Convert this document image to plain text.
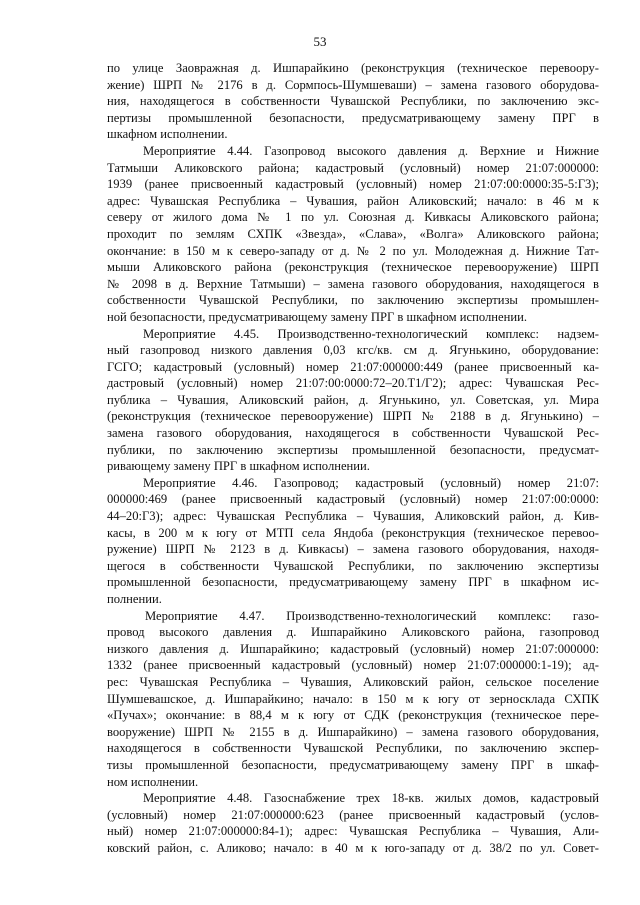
53
по улице Заовражная д. Ишпарайкино (реконструкция (техническое перевоору-
жение) ШРП № 2176 в д. Сормпось-Шумшеваши) – замена газового оборудова-
ния, находящегося в собственности Чувашской Республики, по заключению экс-
пертизы промышленной безопасности, предусматривающему замену ПРГ в
шкафном исполнении.
Мероприятие 4.44. Газопровод высокого давления д. Верхние и Нижние
Татмыши Аликовского района; кадастровый (условный) номер 21:07:000000:
1939 (ранее присвоенный кадастровый (условный) номер 21:07:00:0000:35-5:Г3);
адрес: Чувашская Республика – Чувашия, район Аликовский; начало: в 46 м к
северу от жилого дома № 1 по ул. Союзная д. Кивкасы Аликовского района;
проходит по землям СХПК «Звезда», «Слава», «Волга» Аликовского района;
окончание: в 150 м к северо-западу от д. № 2 по ул. Молодежная д. Нижние Тат-
мыши Аликовского района (реконструкция (техническое перевооружение) ШРП
№ 2098 в д. Верхние Татмыши) – замена газового оборудования, находящегося в
собственности Чувашской Республики, по заключению экспертизы промышлен-
ной безопасности, предусматривающему замену ПРГ в шкафном исполнении.
Мероприятие 4.45. Производственно-технологический комплекс: надзем-
ный газопровод низкого давления 0,03 кгс/кв. см д. Ягунькино, оборудование:
ГСГО; кадастровый (условный) номер 21:07:000000:449 (ранее присвоенный ка-
дастровый (условный) номер 21:07:00:0000:72–20.Т1/Г2); адрес: Чувашская Рес-
публика – Чувашия, Аликовский район, д. Ягунькино, ул. Советская, ул. Мира
(реконструкция (техническое перевооружение) ШРП № 2188 в д. Ягунькино) –
замена газового оборудования, находящегося в собственности Чувашской Рес-
публики, по заключению экспертизы промышленной безопасности, предусмат-
ривающему замену ПРГ в шкафном исполнении.
Мероприятие 4.46. Газопровод; кадастровый (условный) номер 21:07:
000000:469 (ранее присвоенный кадастровый (условный) номер 21:07:00:0000:
44–20:Г3); адрес: Чувашская Республика – Чувашия, Аликовский район, д. Кив-
касы, в 200 м к югу от МТП села Яндоба (реконструкция (техническое перевоо-
ружение) ШРП № 2123 в д. Кивкасы) – замена газового оборудования, находя-
щегося в собственности Чувашской Республики, по заключению экспертизы
промышленной безопасности, предусматривающему замену ПРГ в шкафном ис-
полнении.
Мероприятие 4.47. Производственно-технологический комплекс: газо-
провод высокого давления д. Ишпарайкино Аликовского района, газопровод
низкого давления д. Ишпарайкино; кадастровый (условный) номер 21:07:000000:
1332 (ранее присвоенный кадастровый (условный) номер 21:07:000000:1-19); ад-
рес: Чувашская Республика – Чувашия, Аликовский район, сельское поселение
Шумшевашское, д. Ишпарайкино; начало: в 150 м к югу от зерносклада СХПК
«Пучах»; окончание: в 88,4 м к югу от СДК (реконструкция (техническое пере-
вооружение) ШРП № 2155 в д. Ишпарайкино) – замена газового оборудования,
находящегося в собственности Чувашской Республики, по заключению экспер-
тизы промышленной безопасности, предусматривающему замену ПРГ в шкаф-
ном исполнении.
Мероприятие 4.48. Газоснабжение трех 18-кв. жилых домов, кадастровый
(условный) номер 21:07:000000:623 (ранее присвоенный кадастровый (услов-
ный) номер 21:07:000000:84-1); адрес: Чувашская Республика – Чувашия, Али-
ковский район, с. Аликово; начало: в 40 м к юго-западу от д. 38/2 по ул. Совет-
